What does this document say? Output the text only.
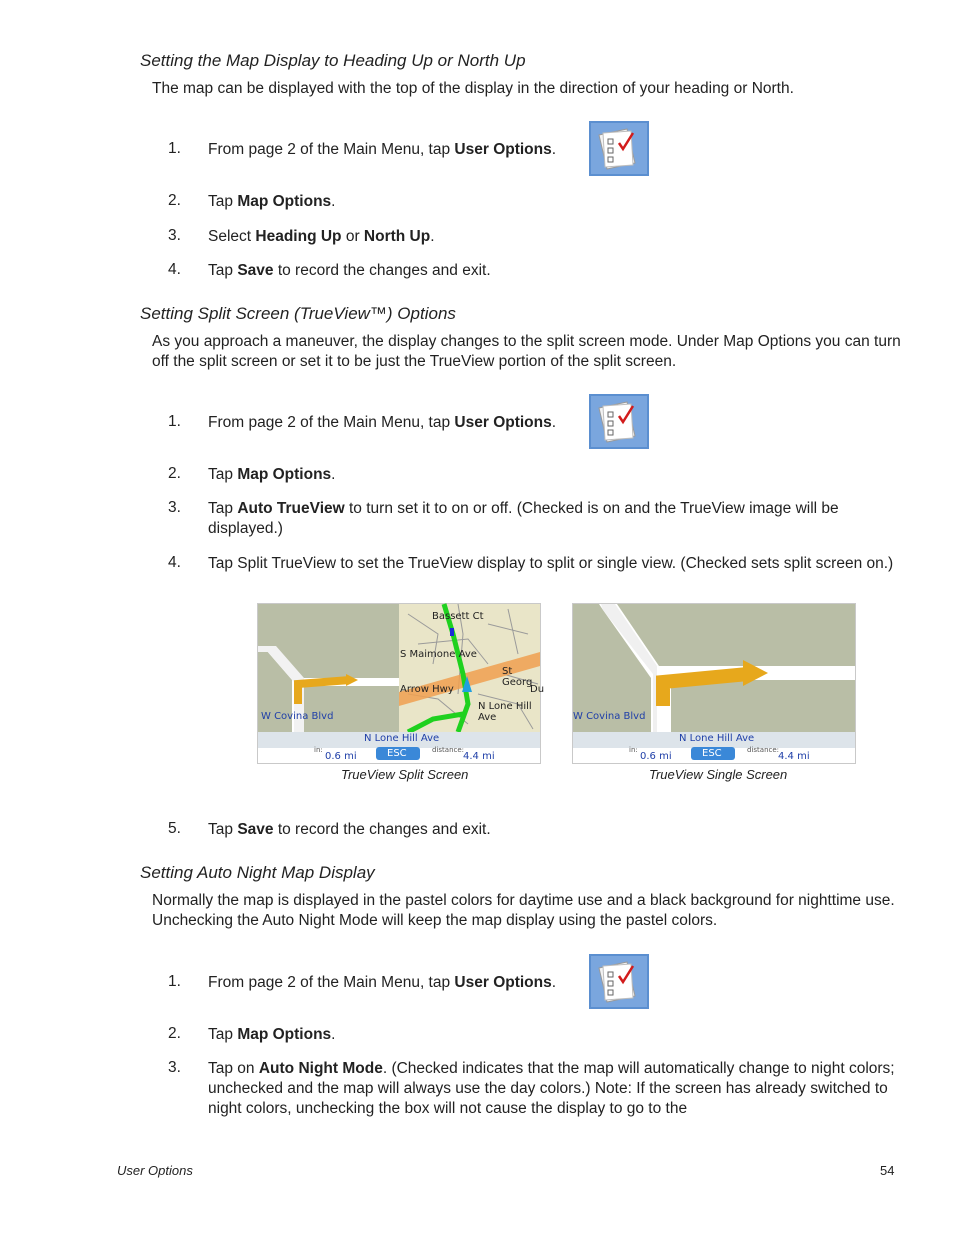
Setting the Map Display to Heading Up or North Up
The map can be displayed with the top of the display in the direction of your heading or North.
1. From page 2 of the Main Menu, tap User Options.
2. Tap Map Options.
3. Select Heading Up or North Up.
4. Tap Save to record the changes and exit.
Setting Split Screen (TrueView™) Options
As you approach a maneuver, the display changes to the split screen mode. Under Map Options you can turn off the split screen or set it to be just the TrueView portion of the split screen.
1. From page 2 of the Main Menu, tap User Options.
2. Tap Map Options.
3. Tap Auto TrueView to turn set it to on or off. (Checked is on and the TrueView image will be displayed.)
4. Tap Split TrueView to set the TrueView display to split or single view. (Checked sets split screen on.)
W Covina Blvd
N Lone Hill Ave
in:
0.6 mi	ESC	distance:
4.4 mi
Bassett Ct
S Maimone Ave
St Georg
Arrow Hwy	Du
N Lone Hill Ave
TrueView Split Screen
W Covina Blvd
N Lone Hill Ave
in:
0.6 mi	ESC	distance:
4.4 mi
TrueView Single Screen
5. Tap Save to record the changes and exit.
Setting Auto Night Map Display
Normally the map is displayed in the pastel colors for daytime use and a black background for nighttime use. Unchecking the Auto Night Mode will keep the map display using the pastel colors.
1. From page 2 of the Main Menu, tap User Options.
2. Tap Map Options.
3. Tap on Auto Night Mode. (Checked indicates that the map will automatically change to night colors; unchecked and the map will always use the day colors.) Note: If the screen has already switched to night colors, unchecking the box will not cause the display to go to the
User Options	54
